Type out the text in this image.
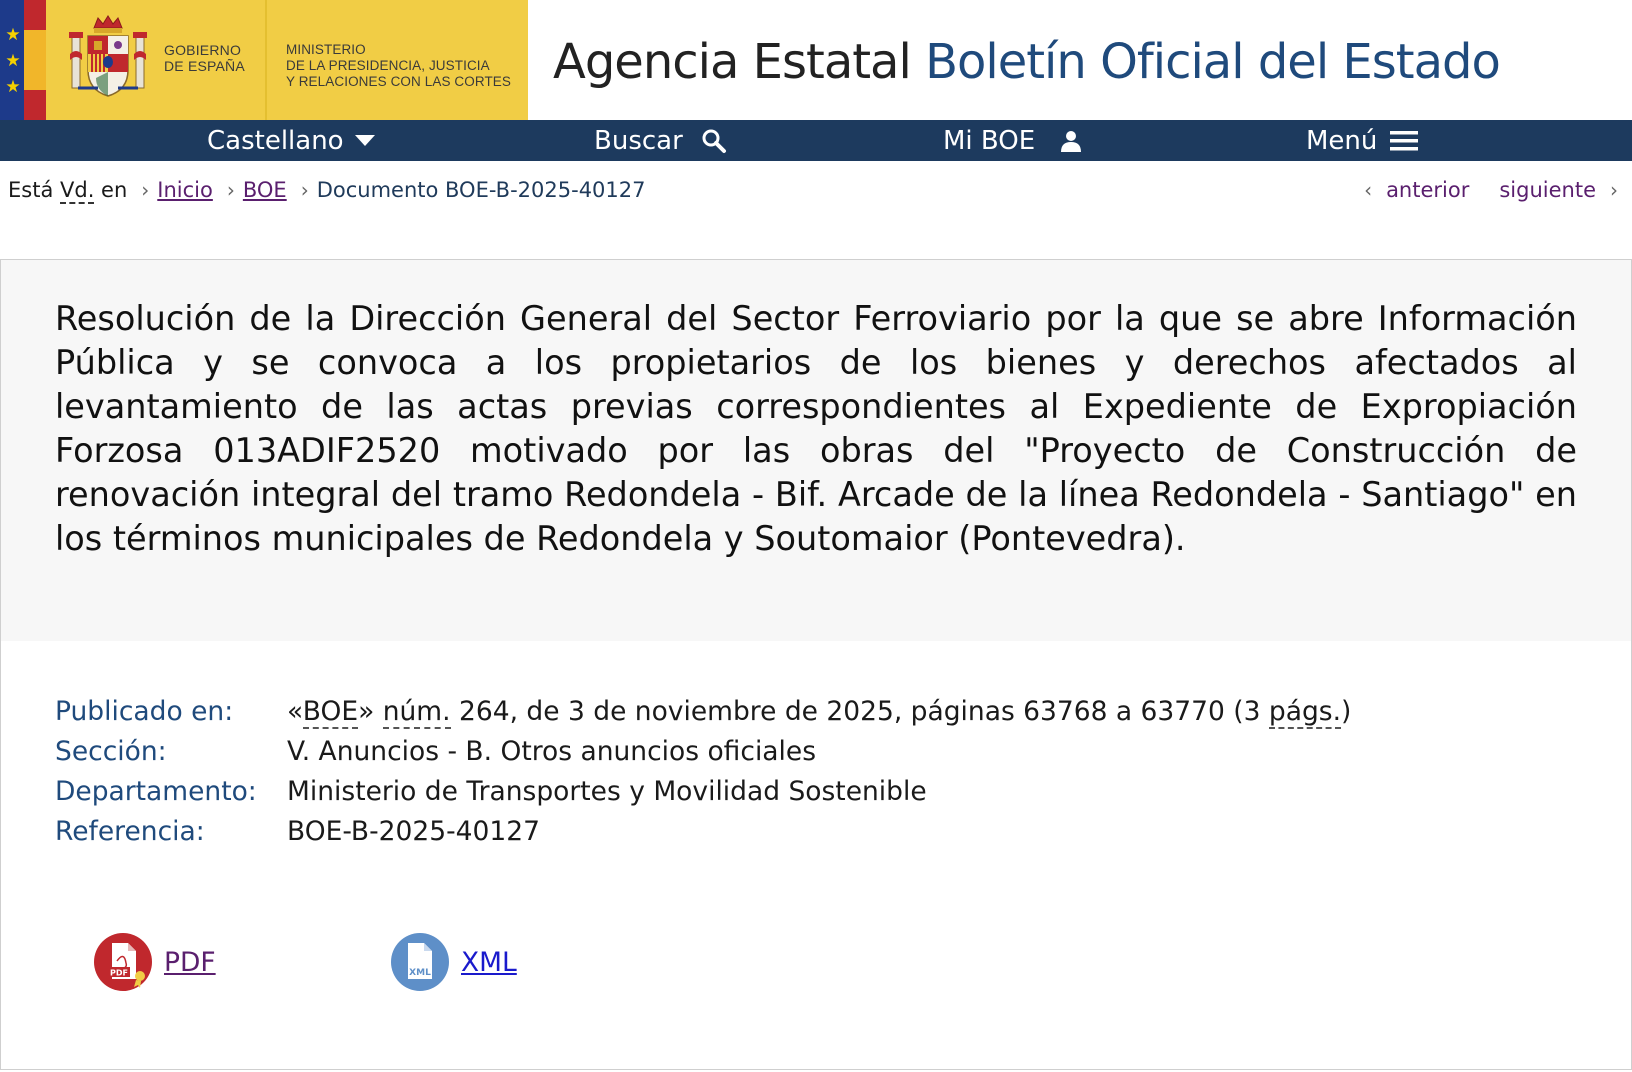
★
★
★
GOBIERNO
DE ESPAÑA
MINISTERIO
DE LA PRESIDENCIA, JUSTICIA
Y RELACIONES CON LAS CORTES Agencia Estatal Boletín Oficial del Estado
Castellano	Buscar	Mi BOE	Menú
Está Vd. en › Inicio › BOE › Documento BOE-B-2025-40127	‹ anterior siguiente ›
Resolución de la Dirección General del Sector Ferroviario por la que se abre Información Pública y se convoca a los propietarios de los bienes y derechos afectados al levantamiento de las actas previas correspondientes al Expediente de Expropiación Forzosa 013ADIF2520 motivado por las obras del "Proyecto de Construcción de renovación integral del tramo Redondela - Bif. Arcade de la línea Redondela - Santiago" en los términos municipales de Redondela y Soutomaior (Pontevedra).
Publicado en:	«BOE» núm. 264, de 3 de noviembre de 2025, páginas 63768 a 63770 (3 págs.)
Sección:	V. Anuncios - B. Otros anuncios oficiales
Departamento:	Ministerio de Transportes y Movilidad Sostenible
Referencia:	BOE-B-2025-40127
PDF PDF	XML XML
